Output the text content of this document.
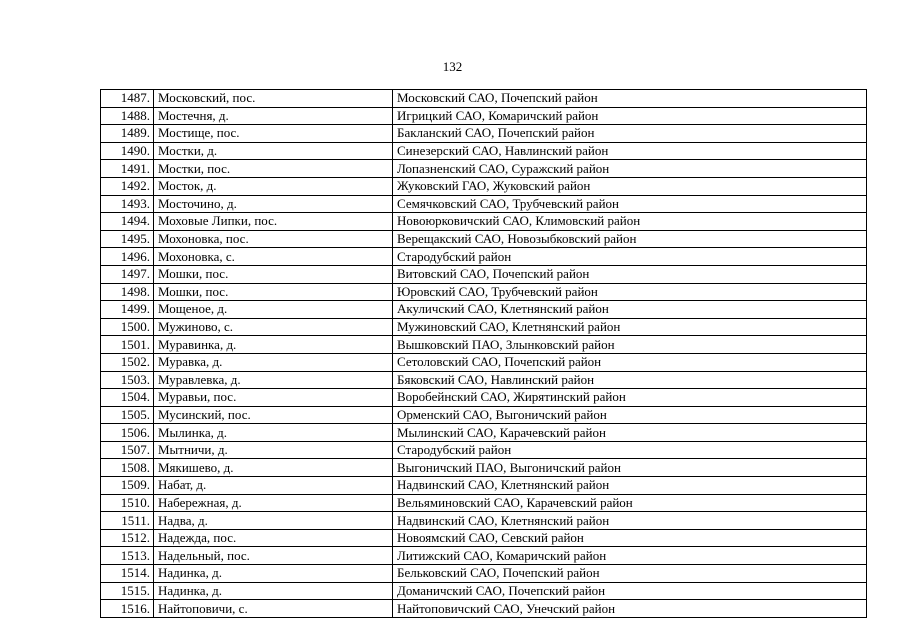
132
1487.	Московский, пос.	Московский САО, Почепский район
1488.	Мостечня, д.	Игрицкий САО, Комаричский район
1489.	Мостище, пос.	Бакланский САО, Почепский район
1490.	Мостки, д.	Синезерский САО, Навлинский район
1491.	Мостки, пос.	Лопазненский САО, Суражский район
1492.	Мосток, д.	Жуковский ГАО, Жуковский район
1493.	Мосточино, д.	Семячковский САО, Трубчевский район
1494.	Моховые Липки, пос.	Новоюрковичский САО, Климовский район
1495.	Мохоновка, пос.	Верещакский САО, Новозыбковский район
1496.	Мохоновка, с.	Стародубский район
1497.	Мошки, пос.	Витовский САО, Почепский район
1498.	Мошки, пос.	Юровский САО, Трубчевский район
1499.	Мощеное, д.	Акуличский САО, Клетнянский район
1500.	Мужиново, с.	Мужиновский САО, Клетнянский район
1501.	Муравинка, д.	Вышковский ПАО, Злынковский район
1502.	Муравка, д.	Сетоловский САО, Почепский район
1503.	Муравлевка, д.	Бяковский САО, Навлинский район
1504.	Муравьи, пос.	Воробейнский САО, Жирятинский район
1505.	Мусинский, пос.	Орменский САО, Выгоничский район
1506.	Мылинка, д.	Мылинский САО, Карачевский район
1507.	Мытничи, д.	Стародубский район
1508.	Мякишево, д.	Выгоничский ПАО, Выгоничский район
1509.	Набат, д.	Надвинский САО, Клетнянский район
1510.	Набережная, д.	Вельяминовский САО, Карачевский район
1511.	Надва, д.	Надвинский САО, Клетнянский район
1512.	Надежда, пос.	Новоямский САО, Севский район
1513.	Надельный, пос.	Литижский САО, Комаричский район
1514.	Надинка, д.	Бельковский САО, Почепский район
1515.	Надинка, д.	Доманичский САО, Почепский район
1516.	Найтоповичи, с.	Найтоповичский САО, Унечский район
